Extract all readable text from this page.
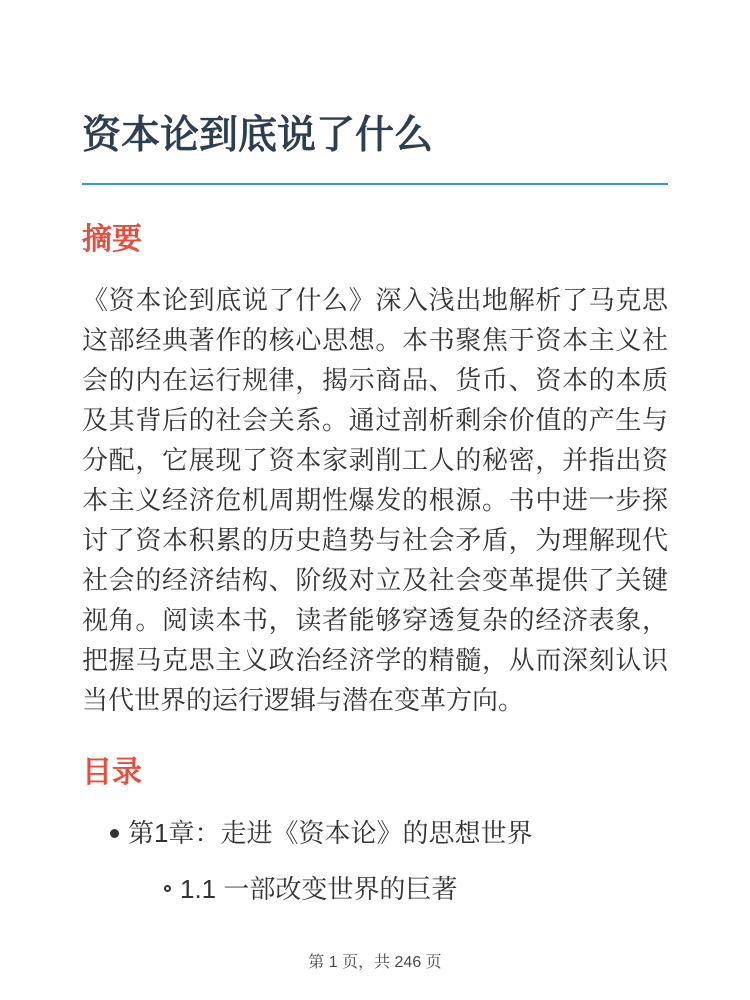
资本论到底说了什么
摘要

《资本论到底说了什么》深入浅出地解析了马克思这部经典著作的核心思想。本书聚焦于资本主义社会的内在运行规律，揭示商品、货币、资本的本质及其背后的社会关系。通过剖析剩余价值的产生与分配，它展现了资本家剥削工人的秘密，并指出资本主义经济危机周期性爆发的根源。书中进一步探讨了资本积累的历史趋势与社会矛盾，为理解现代社会的经济结构、阶级对立及社会变革提供了关键视角。阅读本书，读者能够穿透复杂的经济表象，把握马克思主义政治经济学的精髓，从而深刻认识当代世界的运行逻辑与潜在变革方向。

目录
第1章：走进《资本论》的思想世界
1.1 一部改变世界的巨著
第 1 页，共 246 页
